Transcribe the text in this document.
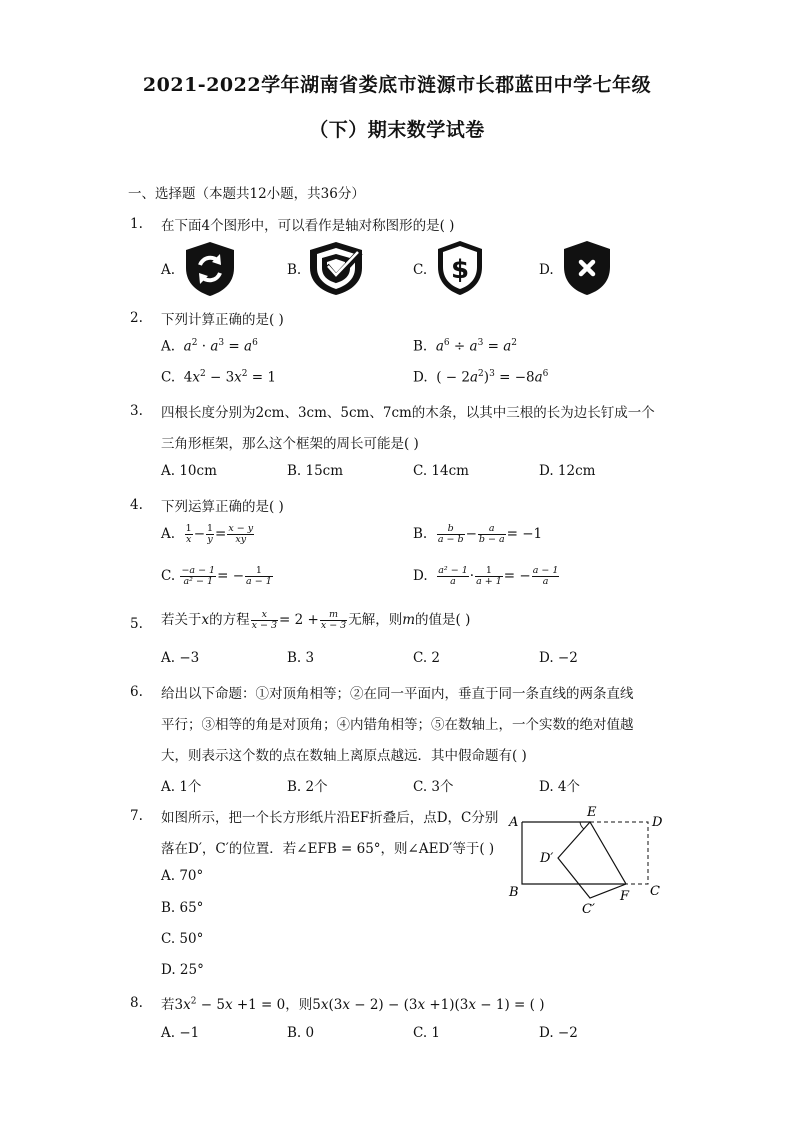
2021-2022学年湖南省娄底市涟源市长郡蓝田中学七年级
（下）期末数学试卷
一、选择题（本题共12小题，共36分）
1. 在下面4个图形中，可以看作是轴对称图形的是( )
A.	B.	C.	D.
$
2. 下列计算正确的是( )
A. $a^2 \cdot a^3 = a^6$	B. $a^6 \div a^3 = a^2$
C.  $4x^2 - 3x^2 = 1$	D.  ( − $2a^2)^3 = -8a^6$
3. 四根长度分别为2cm、3cm、5cm、7cm的木条，以其中三根的长为边长钉成一个
三角形框架，那么这个框架的周长可能是( )
A. 10cm	B. 15cm	C. 14cm	D. 12cm
4. 下列运算正确的是( )
A. $\frac{1}{x} - \frac{1}{y} = \frac{x - y}{xy}$	B. $\frac{b}{a - b} - \frac{a}{b - a} = -1$
C. $\frac{-a - 1}{\text{a² − 1}}$ = − $\frac{1}{a - 1}$	D. $\frac{\text{a² − 1}}{a} \cdot \frac{1}{a + 1}$ = − $\frac{a - 1}{a}$
5. 若关于x的方程 $\frac{x}{x - 3} = 2 + \frac{m}{x - 3}$ 无解，则m的值是( )
A. −3	B. 3	C. 2	D. −2
6. 给出以下命题：①对顶角相等；②在同一平面内，垂直于同一条直线的两条直线
平行；③相等的角是对顶角；④内错角相等；⑤在数轴上，一个实数的绝对值越
大，则表示这个数的点在数轴上离原点越远．其中假命题有( )
A. 1个	B. 2个	C. 3个	D. 4个
7. 如图所示，把一个长方形纸片沿EF折叠后，点D，C分别
落在D′，C′的位置．若∠EFB = 65°，则∠AED′等于( )
A. 70°
B. 65°
C. 50°
D. 25°
A
E
D
D′
B
C′
F C
8. 若$3x^2 - 5x +1 = 0$，则5x(3x − 2) − (3x +1)(3x − 1) = ( )
A. −1	B. 0	C. 1	D. −2
